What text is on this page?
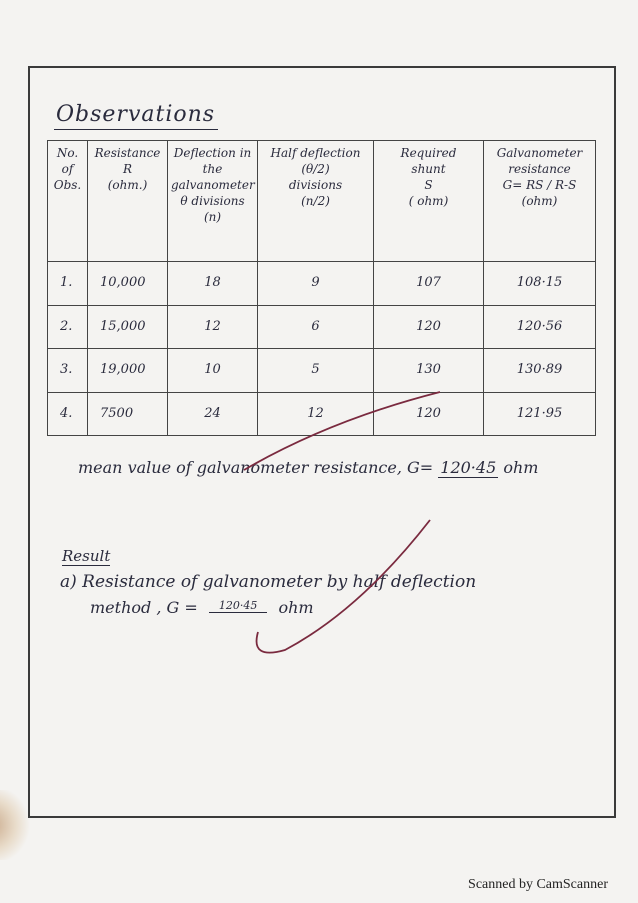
Observations
No. of
Obs.	Resistance
R
(ohm.)	Deflection in
the
galvanometer
θ divisions
(n)	Half deflection
(θ/2)
divisions
(n/2)	Required
shunt
S
( ohm)	Galvanometer
resistance
G= RS / R-S
(ohm)

1.	10,000	18	9	107	108·15
2.	15,000	12	6	120	120·56
3.	19,000	10	5	130	130·89
4.	7500	24	12	120	121·95
mean value of galvanometer resistance, G= 120·45 ohm
Result
a) Resistance of galvanometer by half deflection
method , G = 120·45 ohm
Scanned by CamScanner
